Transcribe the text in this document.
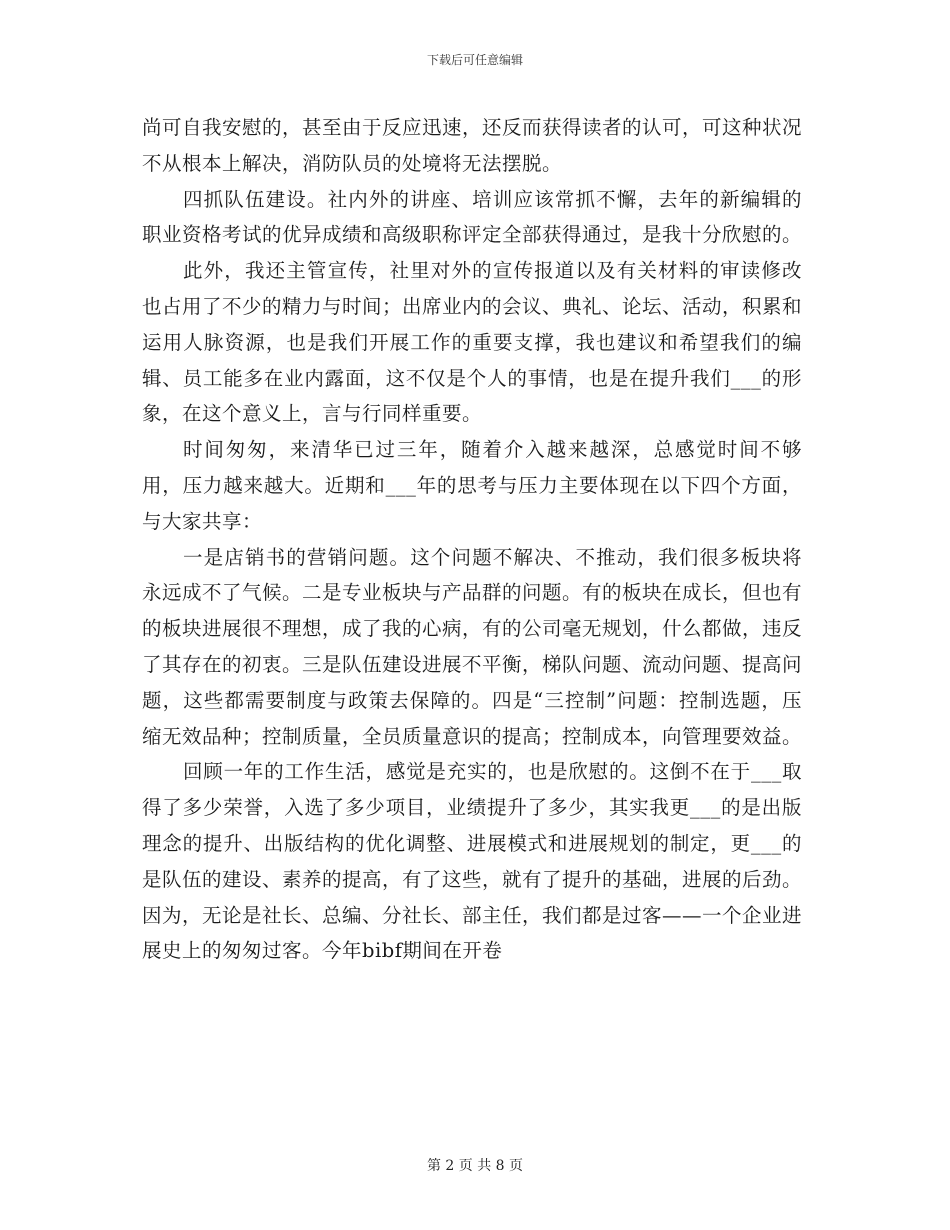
下载后可任意编辑

尚可自我安慰的，甚至由于反应迅速，还反而获得读者的认可，可这种状况不从根本上解决，消防队员的处境将无法摆脱。

四抓队伍建设。社内外的讲座、培训应该常抓不懈，去年的新编辑的职业资格考试的优异成绩和高级职称评定全部获得通过，是我十分欣慰的。

此外，我还主管宣传，社里对外的宣传报道以及有关材料的审读修改也占用了不少的精力与时间；出席业内的会议、典礼、论坛、活动，积累和运用人脉资源，也是我们开展工作的重要支撑，我也建议和希望我们的编辑、员工能多在业内露面，这不仅是个人的事情，也是在提升我们___的形象，在这个意义上，言与行同样重要。

时间匆匆，来清华已过三年，随着介入越来越深，总感觉时间不够用，压力越来越大。近期和___年的思考与压力主要体现在以下四个方面，与大家共享：

一是店销书的营销问题。这个问题不解决、不推动，我们很多板块将永远成不了气候。二是专业板块与产品群的问题。有的板块在成长，但也有的板块进展很不理想，成了我的心病，有的公司毫无规划，什么都做，违反了其存在的初衷。三是队伍建设进展不平衡，梯队问题、流动问题、提高问题，这些都需要制度与政策去保障的。四是“三控制”问题：控制选题，压缩无效品种；控制质量，全员质量意识的提高；控制成本，向管理要效益。

回顾一年的工作生活，感觉是充实的，也是欣慰的。这倒不在于___取得了多少荣誉，入选了多少项目，业绩提升了多少，其实我更___的是出版理念的提升、出版结构的优化调整、进展模式和进展规划的制定，更___的是队伍的建设、素养的提高，有了这些，就有了提升的基础，进展的后劲。因为，无论是社长、总编、分社长、部主任，我们都是过客——一个企业进展史上的匆匆过客。今年bibf期间在开卷

第 2 页 共 8 页
